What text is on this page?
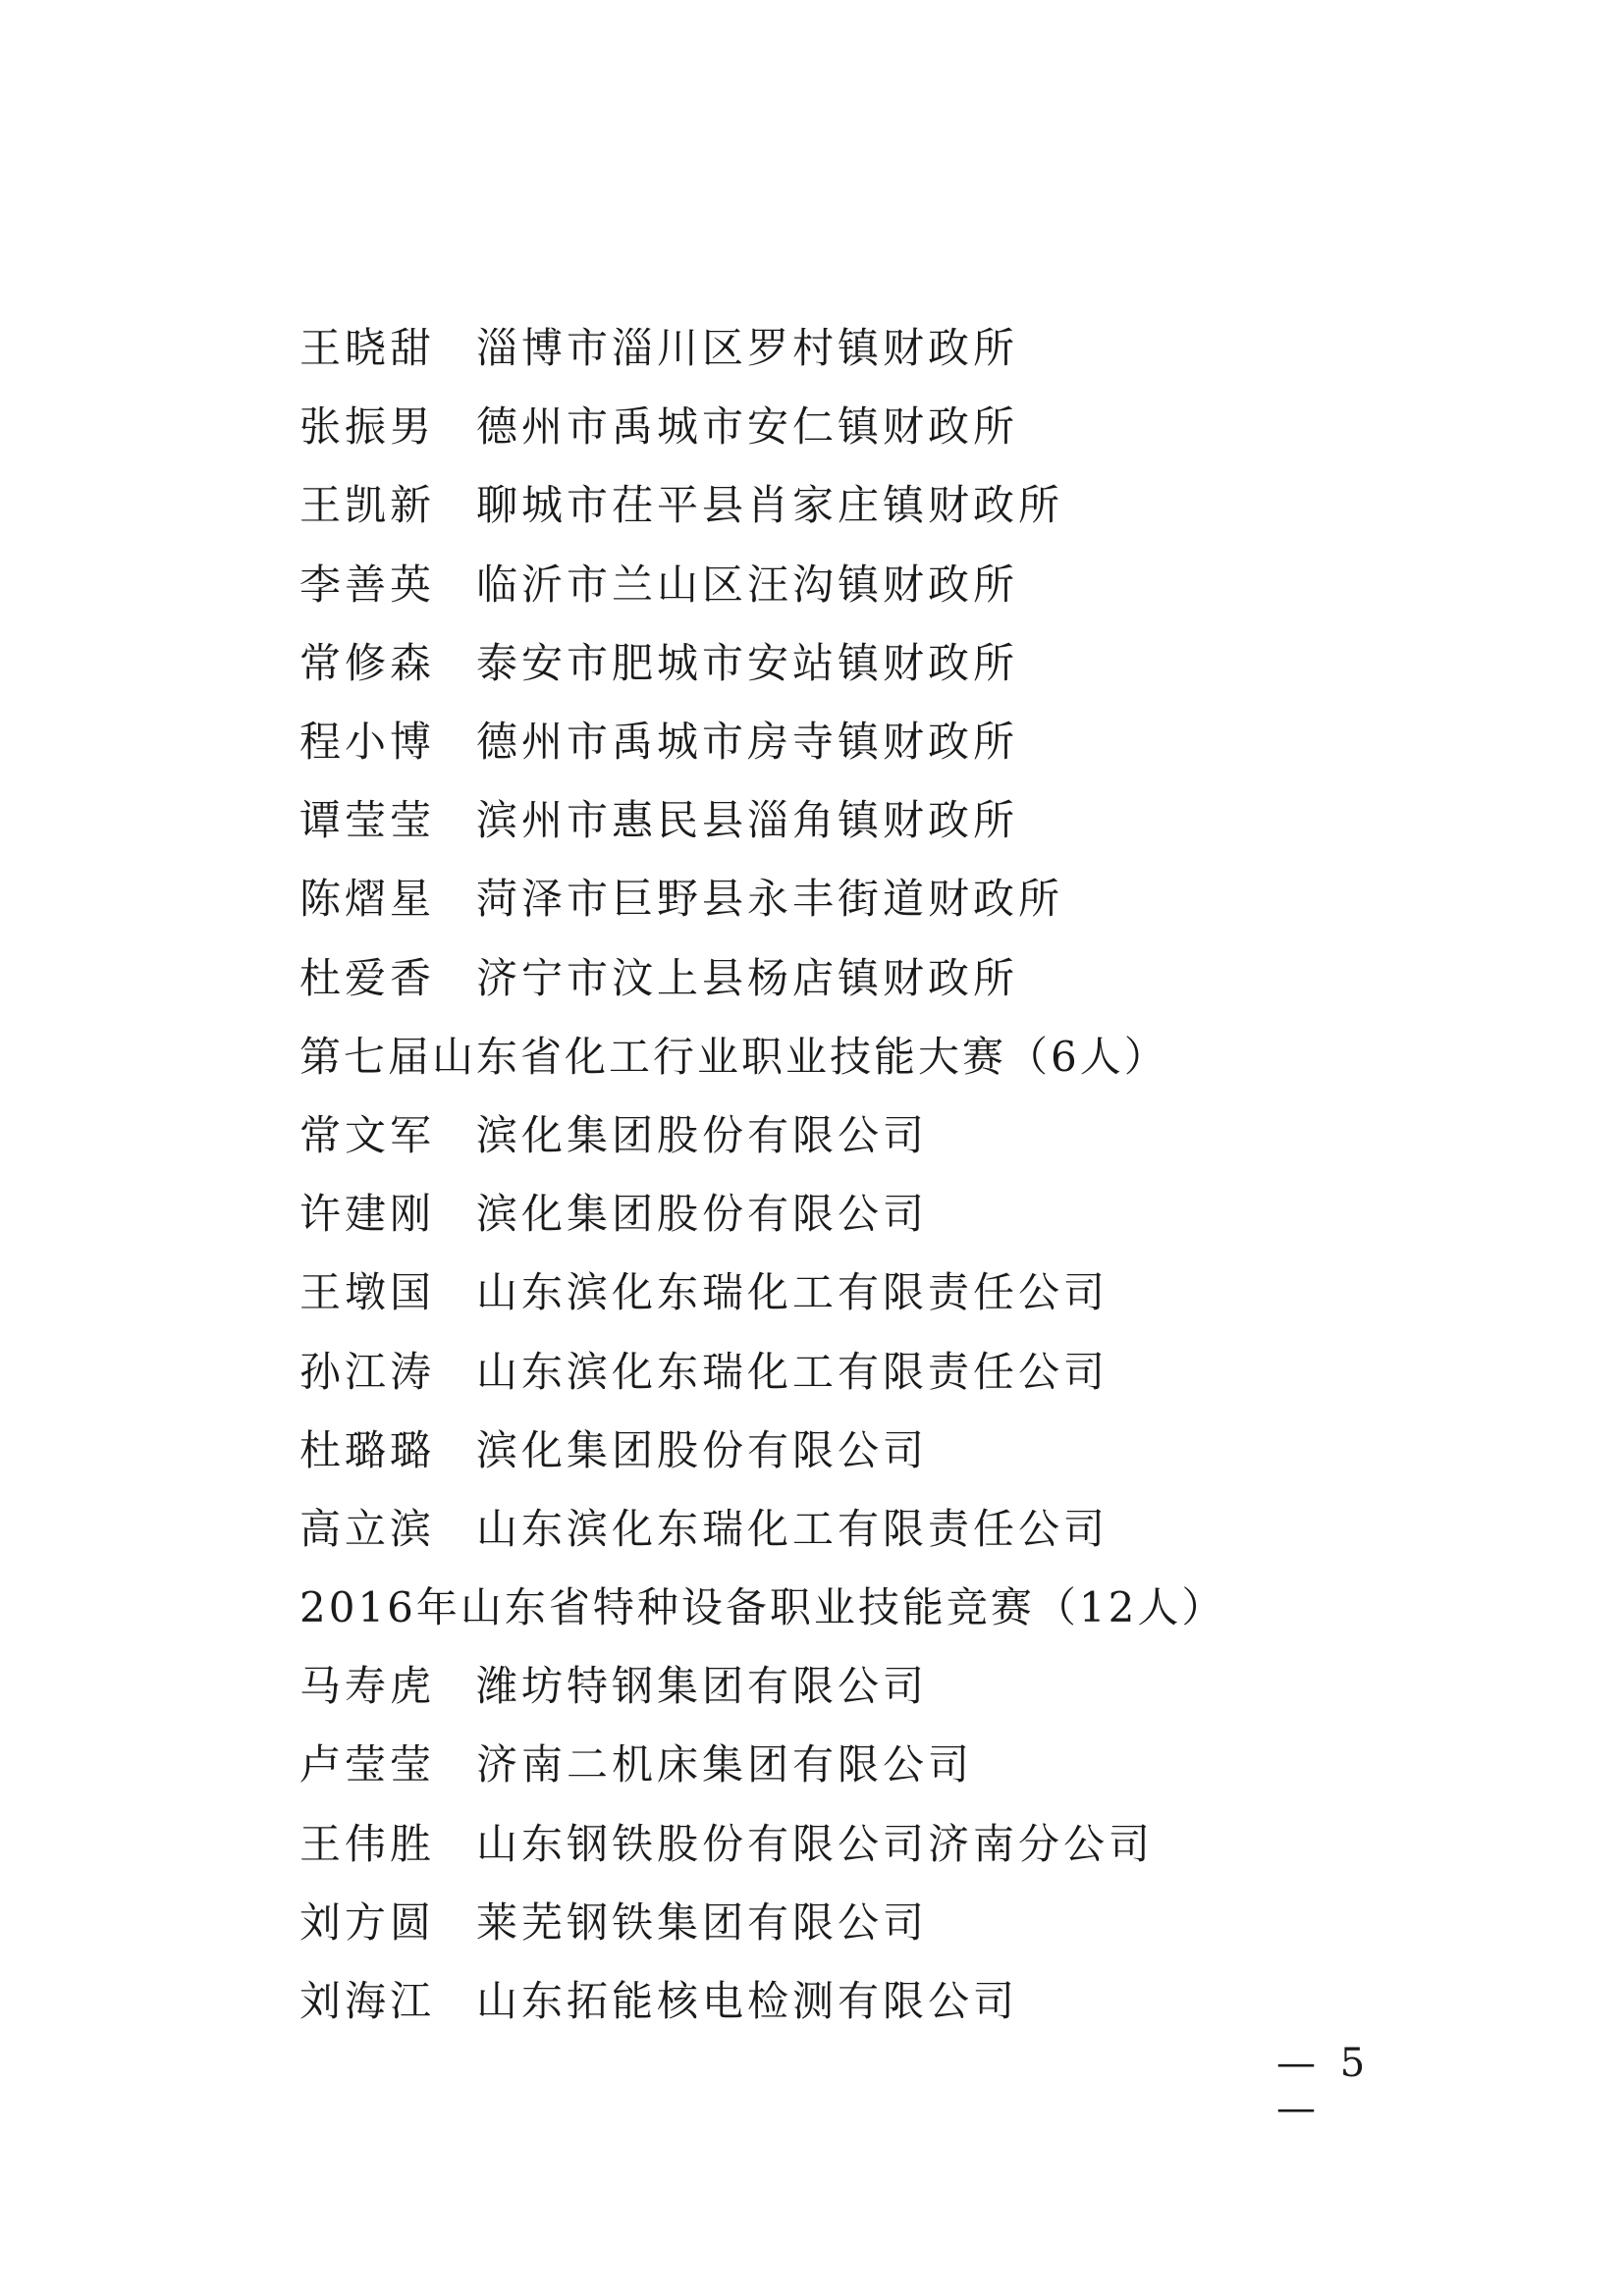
王晓甜 淄博市淄川区罗村镇财政所
张振男 德州市禹城市安仁镇财政所
王凯新 聊城市茌平县肖家庄镇财政所
李善英 临沂市兰山区汪沟镇财政所
常修森 泰安市肥城市安站镇财政所
程小博 德州市禹城市房寺镇财政所
谭莹莹 滨州市惠民县淄角镇财政所
陈熠星 菏泽市巨野县永丰街道财政所
杜爱香 济宁市汶上县杨店镇财政所
第七届山东省化工行业职业技能大赛（6人）
常文军 滨化集团股份有限公司
许建刚 滨化集团股份有限公司
王墩国 山东滨化东瑞化工有限责任公司
孙江涛 山东滨化东瑞化工有限责任公司
杜璐璐 滨化集团股份有限公司
高立滨 山东滨化东瑞化工有限责任公司
2016年山东省特种设备职业技能竞赛（12人）
马寿虎 潍坊特钢集团有限公司
卢莹莹 济南二机床集团有限公司
王伟胜 山东钢铁股份有限公司济南分公司
刘方圆 莱芜钢铁集团有限公司
刘海江 山东拓能核电检测有限公司
— 5 —
